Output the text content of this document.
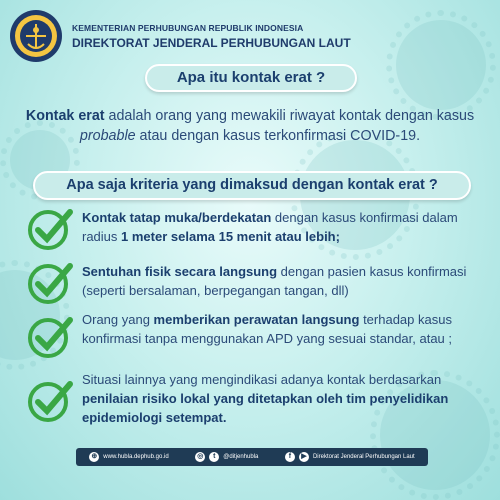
KEMENTERIAN PERHUBUNGAN REPUBLIK INDONESIA
DIREKTORAT JENDERAL PERHUBUNGAN LAUT
Apa itu kontak erat ?
Kontak erat adalah orang yang mewakili riwayat kontak dengan kasus probable atau dengan kasus terkonfirmasi COVID-19.
Apa saja kriteria yang dimaksud dengan kontak erat ?
Kontak tatap muka/berdekatan dengan kasus konfirmasi dalam radius 1 meter selama 15 menit atau lebih;
Sentuhan fisik secara langsung dengan pasien kasus konfirmasi (seperti bersalaman, berpegangan tangan, dll)
Orang yang memberikan perawatan langsung terhadap kasus konfirmasi tanpa menggunakan APD yang sesuai standar, atau ;
Situasi lainnya yang mengindikasi adanya kontak berdasarkan penilaian risiko lokal yang ditetapkan oleh tim penyelidikan epidemiologi setempat.
⊕	www.hubla.dephub.go.id	◎	t	@ditjenhubla	f	▶	Direktorat Jenderal Perhubungan Laut
